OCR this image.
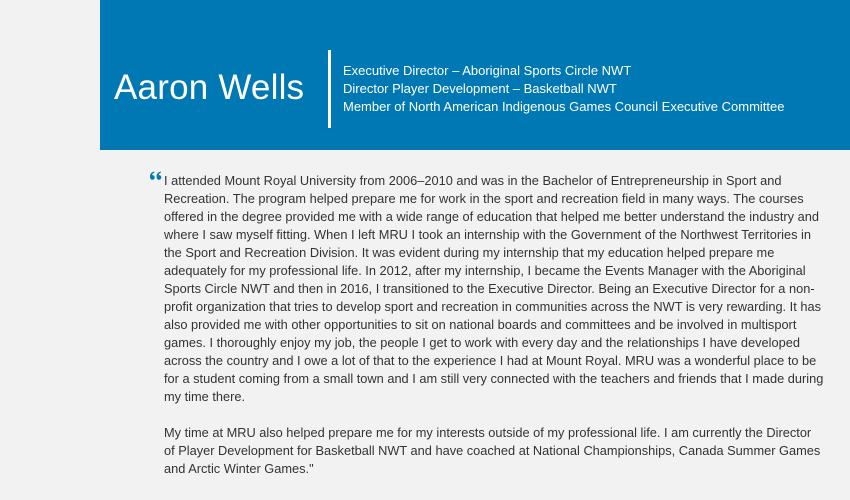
Aaron Wells	Executive Director – Aboriginal Sports Circle NWT
Director Player Development – Basketball NWT
Member of North American Indigenous Games Council Executive Committee

I attended Mount Royal University from 2006–2010 and was in the Bachelor of Entrepreneurship in Sport and Recreation. The program helped prepare me for work in the sport and recreation field in many ways. The courses offered in the degree provided me with a wide range of education that helped me better understand the industry and where I saw myself fitting. When I left MRU I took an internship with the Government of the Northwest Territories in the Sport and Recreation Division. It was evident during my internship that my education helped prepare me adequately for my professional life. In 2012, after my internship, I became the Events Manager with the Aboriginal Sports Circle NWT and then in 2016, I transitioned to the Executive Director. Being an Executive Director for a non-profit organization that tries to develop sport and recreation in communities across the NWT is very rewarding. It has also provided me with other opportunities to sit on national boards and committees and be involved in multisport games. I thoroughly enjoy my job, the people I get to work with every day and the relationships I have developed across the country and I owe a lot of that to the experience I had at Mount Royal. MRU was a wonderful place to be for a student coming from a small town and I am still very connected with the teachers and friends that I made during my time there.

My time at MRU also helped prepare me for my interests outside of my professional life. I am currently the Director of Player Development for Basketball NWT and have coached at National Championships, Canada Summer Games and Arctic Winter Games."
